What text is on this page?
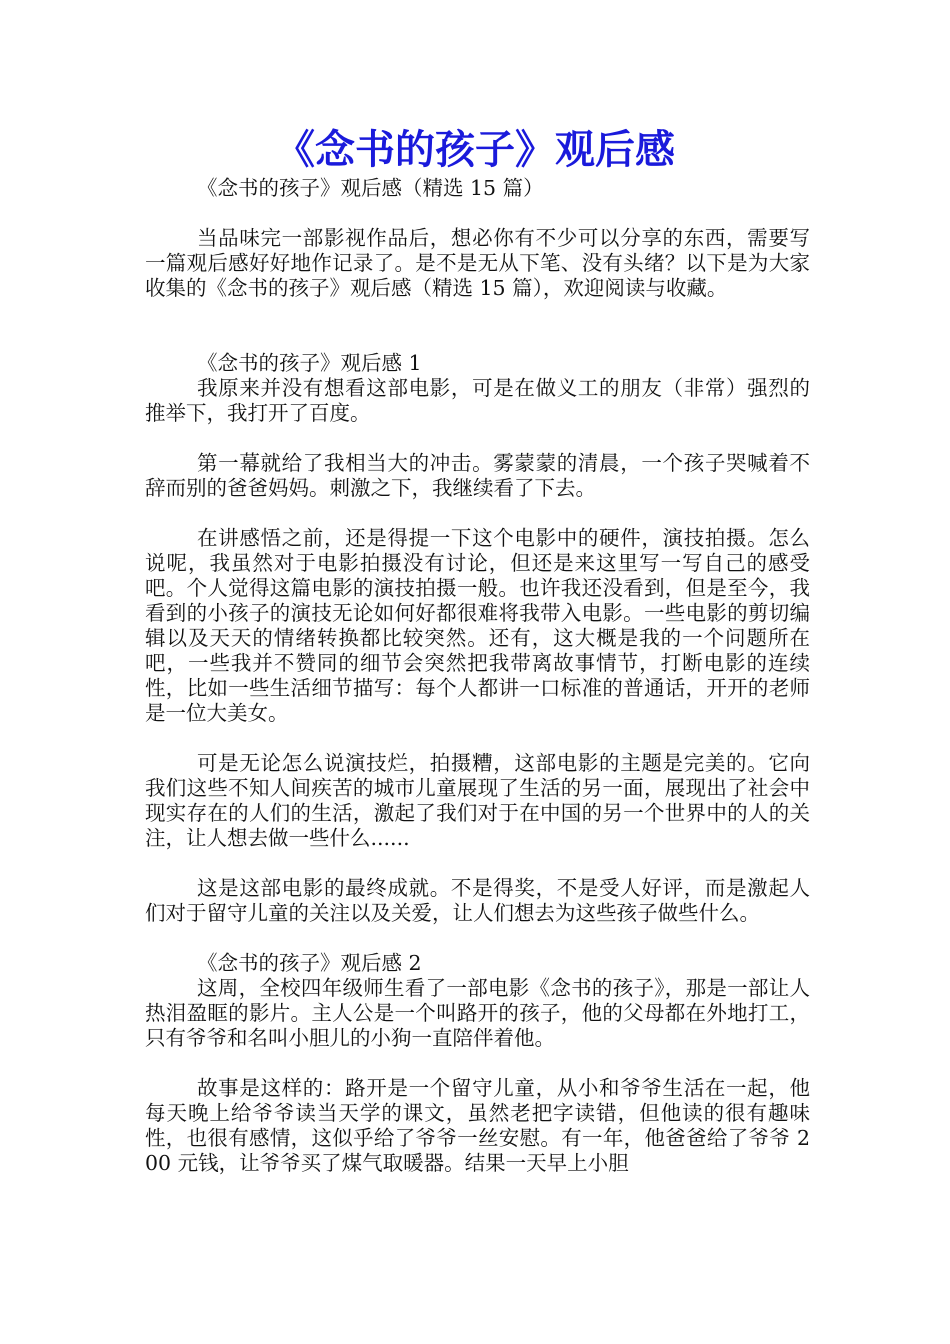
《念书的孩子》观后感

《念书的孩子》观后感（精选 15 篇）

当品味完一部影视作品后，想必你有不少可以分享的东西，需要写一篇观后感好好地作记录了。是不是无从下笔、没有头绪？以下是为大家收集的《念书的孩子》观后感（精选 15 篇），欢迎阅读与收藏。

《念书的孩子》观后感 1

我原来并没有想看这部电影，可是在做义工的朋友（非常）强烈的推举下，我打开了百度。

第一幕就给了我相当大的冲击。雾蒙蒙的清晨，一个孩子哭喊着不辞而别的爸爸妈妈。刺激之下，我继续看了下去。

在讲感悟之前，还是得提一下这个电影中的硬件，演技拍摄。怎么说呢，我虽然对于电影拍摄没有讨论，但还是来这里写一写自己的感受吧。个人觉得这篇电影的演技拍摄一般。也许我还没看到，但是至今，我看到的小孩子的演技无论如何好都很难将我带入电影。一些电影的剪切编辑以及天天的情绪转换都比较突然。还有，这大概是我的一个问题所在吧，一些我并不赞同的细节会突然把我带离故事情节，打断电影的连续性，比如一些生活细节描写：每个人都讲一口标准的普通话，开开的老师是一位大美女。

可是无论怎么说演技烂，拍摄糟，这部电影的主题是完美的。它向我们这些不知人间疾苦的城市儿童展现了生活的另一面，展现出了社会中现实存在的人们的生活，激起了我们对于在中国的另一个世界中的人的关注，让人想去做一些什么......

这是这部电影的最终成就。不是得奖，不是受人好评，而是激起人们对于留守儿童的关注以及关爱，让人们想去为这些孩子做些什么。

《念书的孩子》观后感 2

这周，全校四年级师生看了一部电影《念书的孩子》，那是一部让人热泪盈眶的影片。主人公是一个叫路开的孩子，他的父母都在外地打工，只有爷爷和名叫小胆儿的小狗一直陪伴着他。

故事是这样的：路开是一个留守儿童，从小和爷爷生活在一起，他每天晚上给爷爷读当天学的课文，虽然老把字读错，但他读的很有趣味性，也很有感情，这似乎给了爷爷一丝安慰。有一年，他爸爸给了爷爷 200 元钱，让爷爷买了煤气取暖器。结果一天早上小胆
